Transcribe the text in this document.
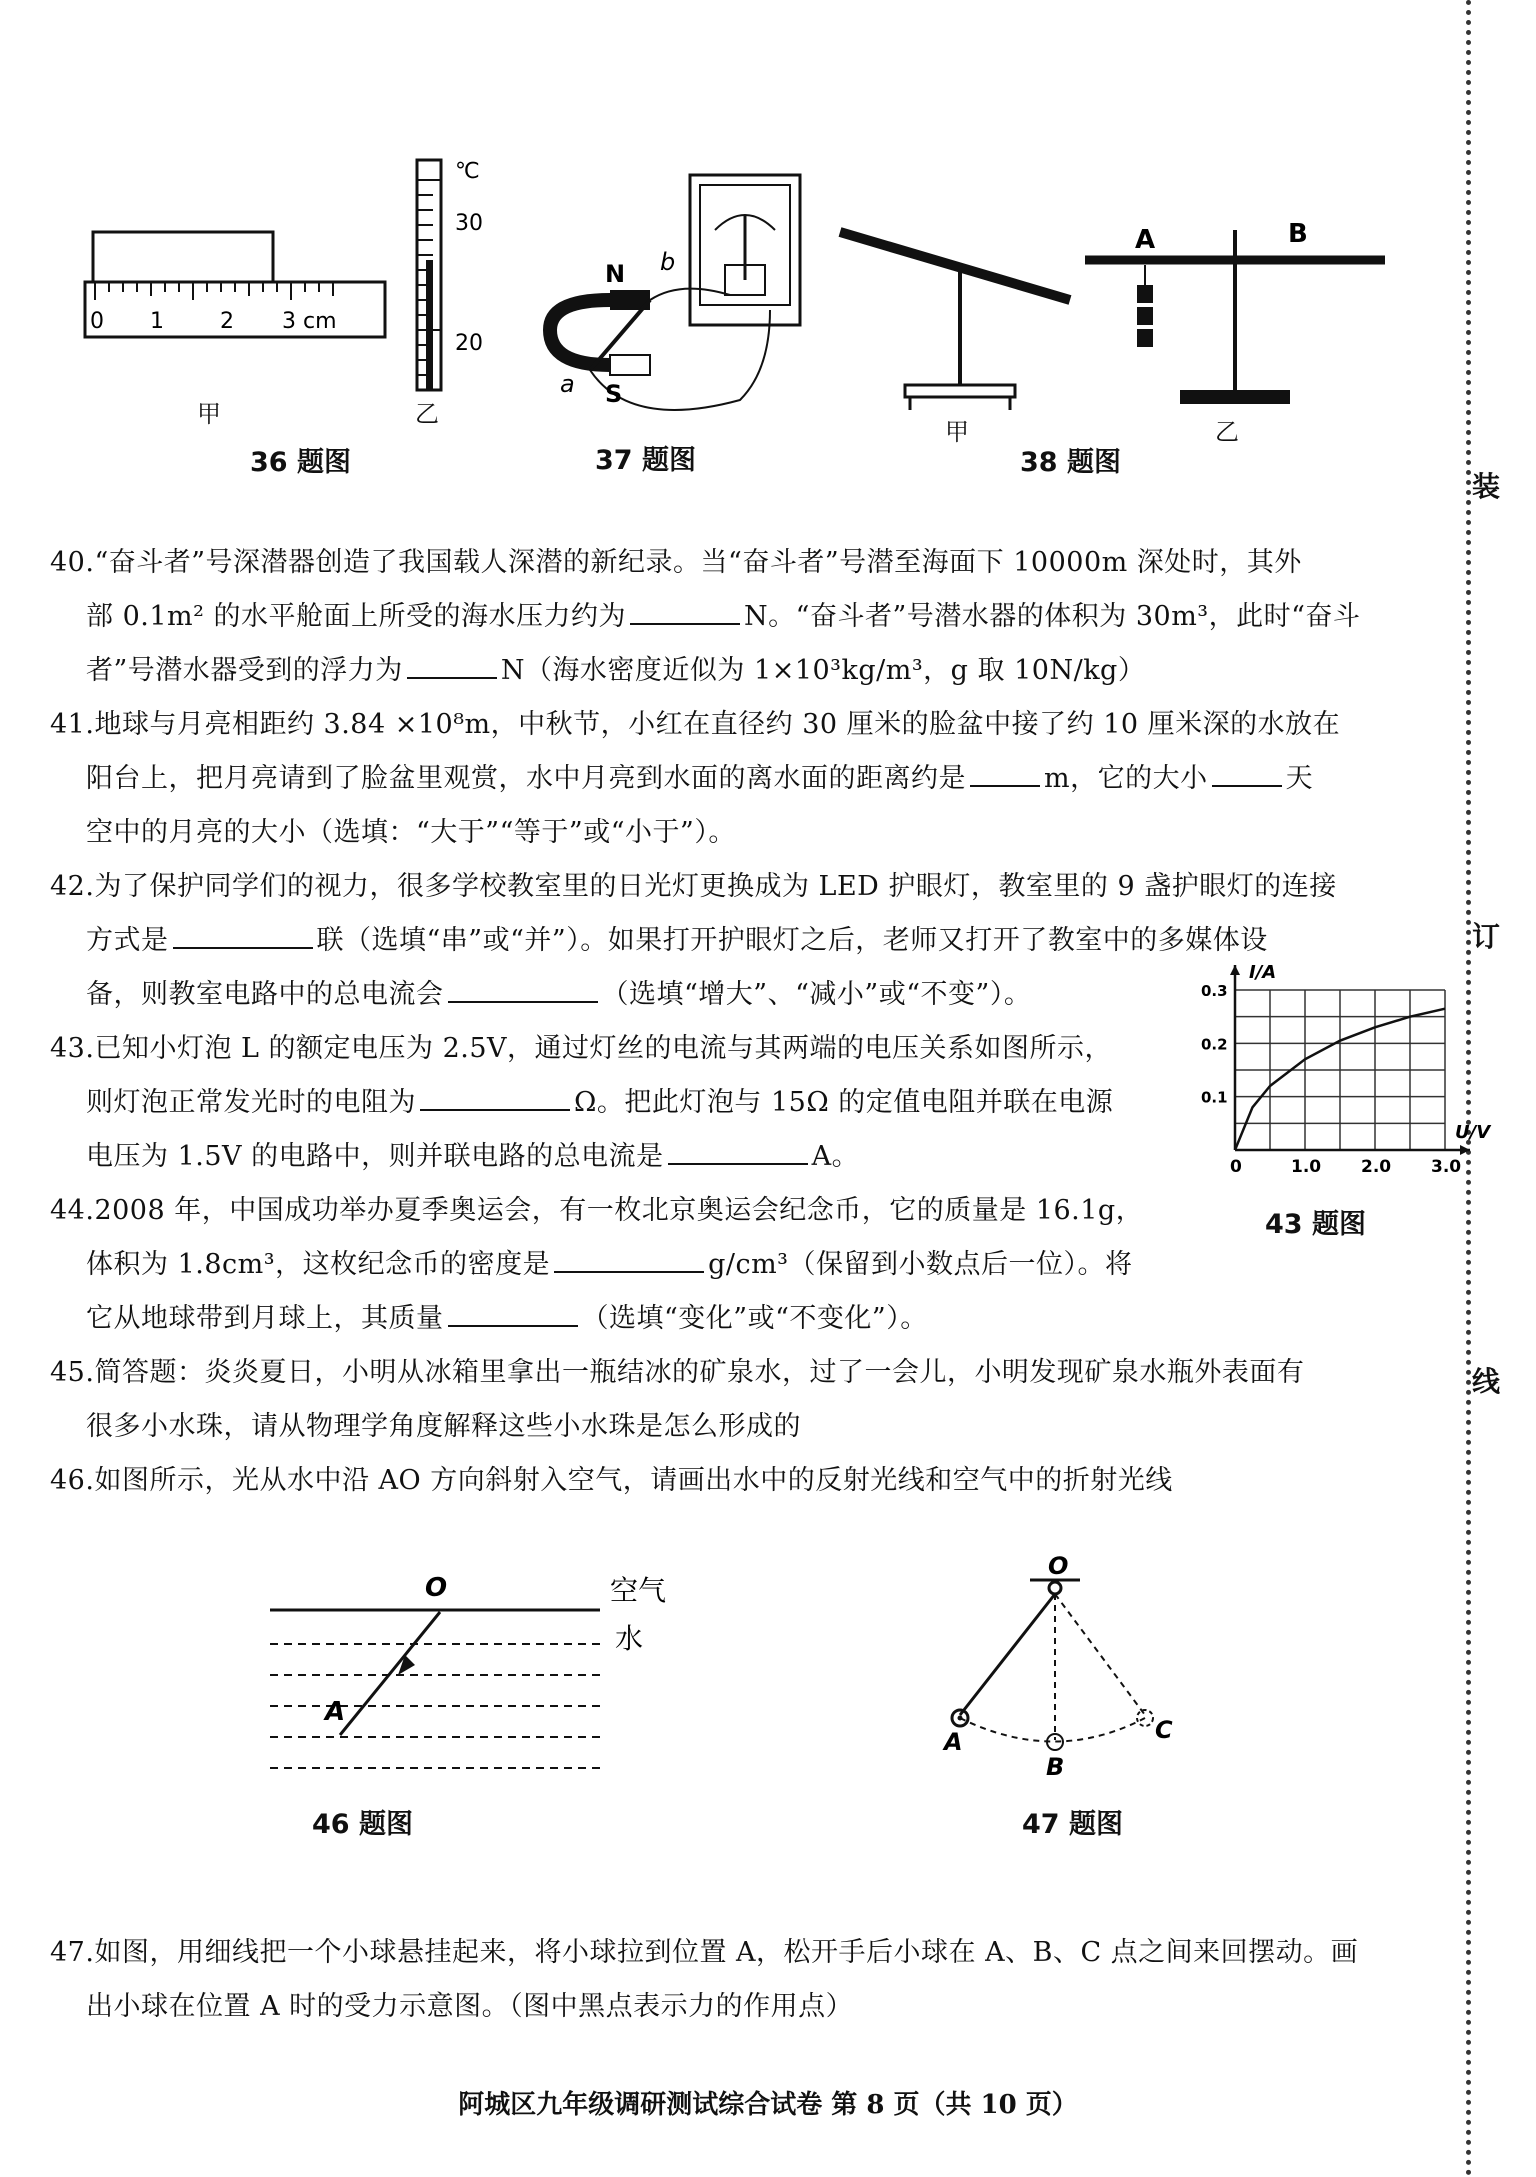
装
订
线
0 1	2 3 cm
甲
℃
30
20
乙
36 题图
N
S
a
b
37 题图
A	B
甲	乙
38 题图

40.“奋斗者”号深潜器创造了我国载人深潜的新纪录。当“奋斗者”号潜至海面下 10000m 深处时，其外

部 0.1m² 的水平舱面上所受的海水压力约为	N。“奋斗者”号潜水器的体积为 30m³，此时“奋斗

者”号潜水器受到的浮力为	N（海水密度近似为 1×10³kg/m³，g 取 10N/kg）

41.地球与月亮相距约 3.84 ×10⁸m，中秋节，小红在直径约 30 厘米的脸盆中接了约 10 厘米深的水放在

阳台上，把月亮请到了脸盆里观赏，水中月亮到水面的离水面的距离约是	m，它的大小	天

空中的月亮的大小（选填：“大于”“等于”或“小于”）。

42.为了保护同学们的视力，很多学校教室里的日光灯更换成为 LED 护眼灯，教室里的 9 盏护眼灯的连接

方式是	联（选填“串”或“并”）。如果打开护眼灯之后，老师又打开了教室中的多媒体设

备，则教室电路中的总电流会	（选填“增大”、“减小”或“不变”）。

43.已知小灯泡 L 的额定电压为 2.5V，通过灯丝的电流与其两端的电压关系如图所示，

则灯泡正常发光时的电阻为	Ω。把此灯泡与 15Ω 的定值电阻并联在电源

电压为 1.5V 的电路中，则并联电路的总电流是	A。

44.2008 年，中国成功举办夏季奥运会，有一枚北京奥运会纪念币，它的质量是 16.1g，

体积为 1.8cm³，这枚纪念币的密度是	g/cm³（保留到小数点后一位）。将

它从地球带到月球上，其质量	（选填“变化”或“不变化”）。

U/V
I/A
0	1.0 2.0 3.0
0.1
0.2
0.3
43 题图

45.简答题：炎炎夏日，小明从冰箱里拿出一瓶结冰的矿泉水，过了一会儿，小明发现矿泉水瓶外表面有

很多小水珠，请从物理学角度解释这些小水珠是怎么形成的

46.如图所示，光从水中沿 AO 方向斜射入空气，请画出水中的反射光线和空气中的折射光线

O
A
空气
水
46 题图
O
A
B
C
47 题图

47.如图，用细线把一个小球悬挂起来，将小球拉到位置 A，松开手后小球在 A、B、C 点之间来回摆动。画

出小球在位置 A 时的受力示意图。（图中黑点表示力的作用点）

阿城区九年级调研测试综合试卷 第 8 页（共 10 页）
